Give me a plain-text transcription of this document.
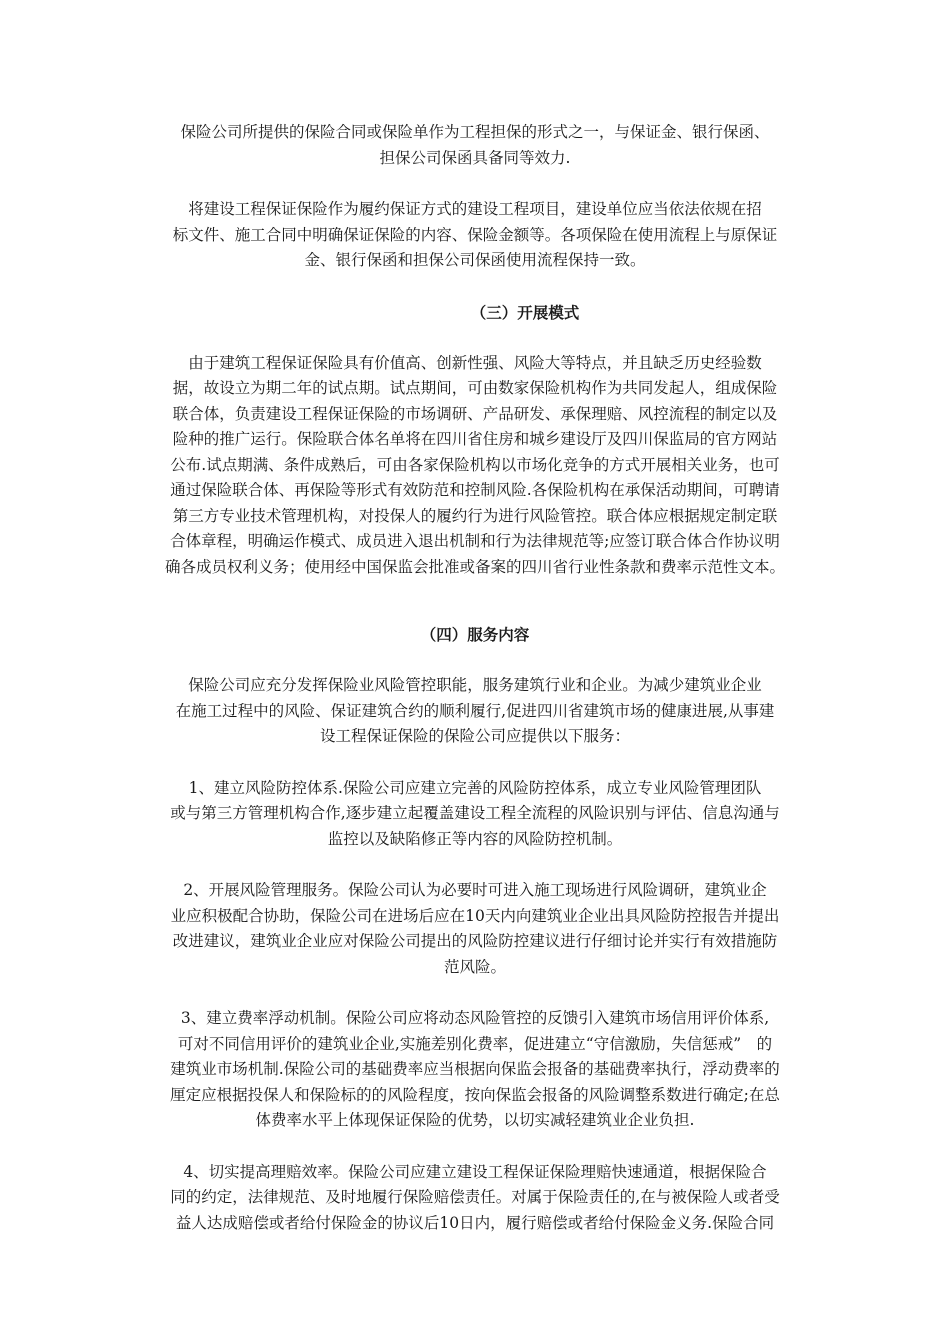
保险公司所提供的保险合同或保险单作为工程担保的形式之一，与保证金、银行保函、
担保公司保函具备同等效力.

将建设工程保证保险作为履约保证方式的建设工程项目，建设单位应当依法依规在招
标文件、施工合同中明确保证保险的内容、保险金额等。各项保险在使用流程上与原保证
金、银行保函和担保公司保函使用流程保持一致。

（三）开展模式

由于建筑工程保证保险具有价值高、创新性强、风险大等特点，并且缺乏历史经验数
据，故设立为期二年的试点期。试点期间，可由数家保险机构作为共同发起人，组成保险
联合体，负责建设工程保证保险的市场调研、产品研发、承保理赔、风控流程的制定以及
险种的推广运行。保险联合体名单将在四川省住房和城乡建设厅及四川保监局的官方网站
公布.试点期满、条件成熟后，可由各家保险机构以市场化竞争的方式开展相关业务，也可
通过保险联合体、再保险等形式有效防范和控制风险.各保险机构在承保活动期间，可聘请
第三方专业技术管理机构，对投保人的履约行为进行风险管控。联合体应根据规定制定联
合体章程，明确运作模式、成员进入退出机制和行为法律规范等;应签订联合体合作协议明
确各成员权利义务；使用经中国保监会批准或备案的四川省行业性条款和费率示范性文本。

（四）服务内容

保险公司应充分发挥保险业风险管控职能，服务建筑行业和企业。为减少建筑业企业
在施工过程中的风险、保证建筑合约的顺利履行,促进四川省建筑市场的健康进展,从事建
设工程保证保险的保险公司应提供以下服务：

1、建立风险防控体系.保险公司应建立完善的风险防控体系，成立专业风险管理团队
或与第三方管理机构合作,逐步建立起覆盖建设工程全流程的风险识别与评估、信息沟通与
监控以及缺陷修正等内容的风险防控机制。

2、开展风险管理服务。保险公司认为必要时可进入施工现场进行风险调研，建筑业企
业应积极配合协助，保险公司在进场后应在10天内向建筑业企业出具风险防控报告并提出
改进建议，建筑业企业应对保险公司提出的风险防控建议进行仔细讨论并实行有效措施防
范风险。

3、建立费率浮动机制。保险公司应将动态风险管控的反馈引入建筑市场信用评价体系,
可对不同信用评价的建筑业企业,实施差别化费率，促进建立“守信激励，失信惩戒”　的
建筑业市场机制.保险公司的基础费率应当根据向保监会报备的基础费率执行，浮动费率的
厘定应根据投保人和保险标的的风险程度，按向保监会报备的风险调整系数进行确定;在总
体费率水平上体现保证保险的优势，以切实减轻建筑业企业负担.

4、切实提高理赔效率。保险公司应建立建设工程保证保险理赔快速通道，根据保险合
同的约定，法律规范、及时地履行保险赔偿责任。对属于保险责任的,在与被保险人或者受
益人达成赔偿或者给付保险金的协议后10日内，履行赔偿或者给付保险金义务.保险合同
